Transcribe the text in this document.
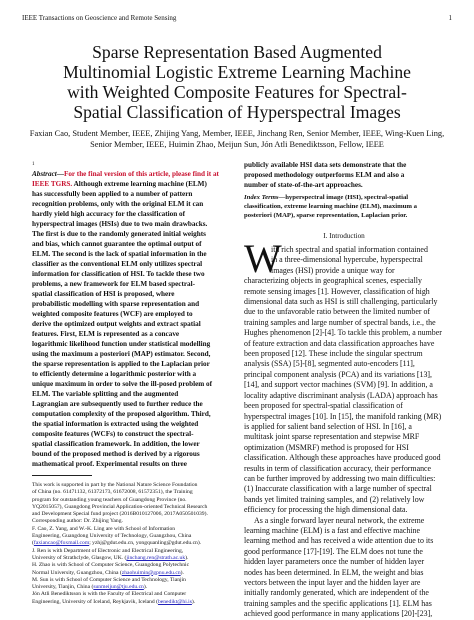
IEEE Transactions on Geoscience and Remote Sensing	1
Sparse Representation Based Augmented
Multinomial Logistic Extreme Learning Machine
with Weighted Composite Features for Spectral-
Spatial Classification of Hyperspectral Images
Faxian Cao, Student Member, IEEE, Zhijing Yang, Member, IEEE, Jinchang Ren, Senior Member, IEEE, Wing-Kuen Ling,
Senior Member, IEEE, Huimin Zhao, Meijun Sun, Jón Atli Benediktsson, Fellow, IEEE
1
Abstract—For the final version of this article, please find it at
IEEE TGRS. Although extreme learning machine (ELM)
has successfully been applied to a number of pattern
recognition problems, only with the original ELM it can
hardly yield high accuracy for the classification of
hyperspectral images (HSIs) due to two main drawbacks.
The first is due to the randomly generated initial weights
and bias, which cannot guarantee the optimal output of
ELM. The second is the lack of spatial information in the
classifier as the conventional ELM only utilizes spectral
information for classification of HSI. To tackle these two
problems, a new framework for ELM based spectral-
spatial classification of HSI is proposed, where
probabilistic modelling with sparse representation and
weighted composite features (WCF) are employed to
derive the optimized output weights and extract spatial
features. First, ELM is represented as a concave
logarithmic likelihood function under statistical modelling
using the maximum a posteriori (MAP) estimator. Second,
the sparse representation is applied to the Laplacian prior
to efficiently determine a logarithmic posterior with a
unique maximum in order to solve the ill-posed problem of
ELM. The variable splitting and the augmented
Lagrangian are subsequently used to further reduce the
computation complexity of the proposed algorithm. Third,
the spatial information is extracted using the weighted
composite features (WCFs) to construct the spectral-
spatial classification framework. In addition, the lower
bound of the proposed method is derived by a rigorous
mathematical proof. Experimental results on three
This work is supported in part by the National Nature Science Foundation
of China (no. 61471132, 61372173, 61672008, 61572351), the Training
program for outstanding young teachers of Guangdong Province (no.
YQ2015057), Guangdong Provincial Application-oriented Technical Research
and Development Special fund project (2016B010127006, 2017A050501039).
Corresponding author: Dr. Zhijing Yang.
F. Cao, Z. Yang, and W.-K. Ling are with School of Information
Engineering, Guangdong University of Technology, Guangzhou, China
(faxiancao@foxmail.com; yzhj@gdut.edu.cn, yongquanling@gdut.edu.cn).
J. Ren is with Department of Electronic and Electrical Engineering,
University of Strathclyde, Glasgow, UK. (jinchang.ren@strath.ac.uk).
H. Zhao is with School of Computer Science, Guangdong Polytechnic
Normal University, Guangzhou, China (zhaohuimin@gpnu.edu.cn).
M. Sun is with School of Computer Science and Technology, Tianjin
University, Tianjin, China (sunmeijun@tju.edu.cn).
Jón Atli Benediktsson is with the Faculty of Electrical and Computer
Engineering, University of Iceland, Reykjavik, Iceland (benedikt@hi.is).
publicly available HSI data sets demonstrate that the
proposed methodology outperforms ELM and also a
number of state-of-the-art approaches.
Index Terms—hyperspectral image (HSI), spectral-spatial
classification, extreme learning machine (ELM), maximum a
posteriori (MAP), sparse representation, Laplacian prior.
I. Introduction
W
ith rich spectral and spatial information contained
in a three-dimensional hypercube, hyperspectral
images (HSI) provide a unique way for
characterizing objects in geographical scenes, especially
remote sensing images [1]. However, classification of high
dimensional data such as HSI is still challenging, particularly
due to the unfavorable ratio between the limited number of
training samples and large number of spectral bands, i.e., the
Hughes phenomenon [2]-[4]. To tackle this problem, a number
of feature extraction and data classification approaches have
been proposed [12]. These include the singular spectrum
analysis (SSA) [5]-[8], segmented auto-encoders [11],
principal component analysis (PCA) and its variations [13],
[14], and support vector machines (SVM) [9]. In addition, a
locality adaptive discriminant analysis (LADA) approach has
been proposed for spectral-spatial classification of
hyperspectral images [10]. In [15], the manifold ranking (MR)
is applied for salient band selection of HSI. In [16], a
multitask joint sparse representation and stepwise MRF
optimization (MSMRF) method is proposed for HSI
classification. Although these approaches have produced good
results in term of classification accuracy, their performance
can be further improved by addressing two main difficulties:
(1) Inaccurate classification with a large number of spectral
bands yet limited training samples, and (2) relatively low
efficiency for processing the high dimensional data.
As a single forward layer neural network, the extreme
learning machine (ELM) is a fast and effective machine
learning method and has received a wide attention due to its
good performance [17]-[19]. The ELM does not tune the
hidden layer parameters once the number of hidden layer
nodes has been determined. In ELM, the weight and bias
vectors between the input layer and the hidden layer are
initially randomly generated, which are independent of the
training samples and the specific applications [1]. ELM has
achieved good performance in many applications [20]-[23],
